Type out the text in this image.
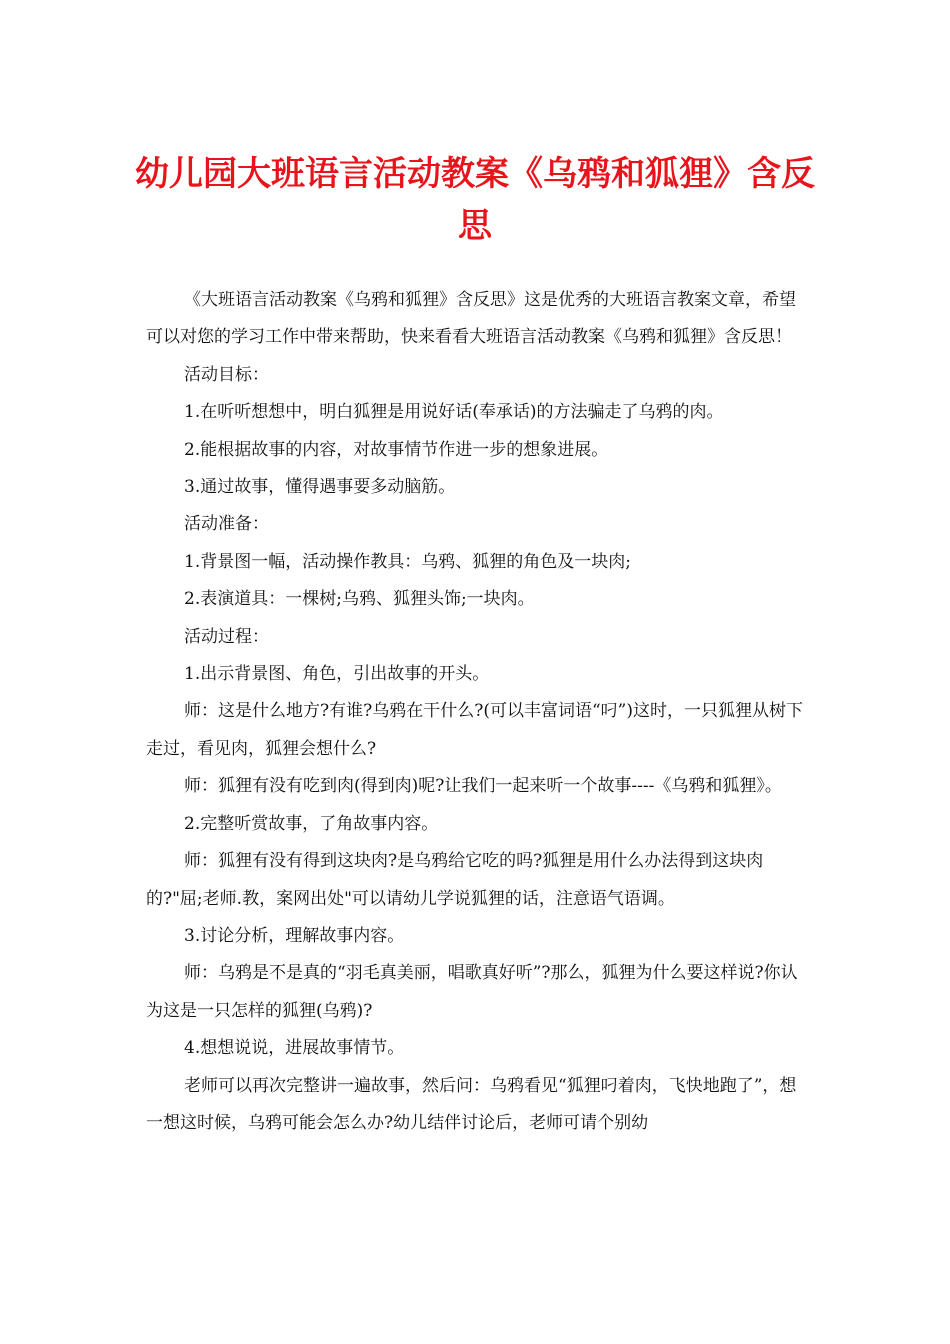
幼儿园大班语言活动教案《乌鸦和狐狸》含反思

《大班语言活动教案《乌鸦和狐狸》含反思》这是优秀的大班语言教案文章，希望可以对您的学习工作中带来帮助，快来看看大班语言活动教案《乌鸦和狐狸》含反思！

活动目标：

1.在听听想想中，明白狐狸是用说好话(奉承话)的方法骗走了乌鸦的肉。

2.能根据故事的内容，对故事情节作进一步的想象进展。

3.通过故事，懂得遇事要多动脑筋。

活动准备：

1.背景图一幅，活动操作教具：乌鸦、狐狸的角色及一块肉;

2.表演道具：一棵树;乌鸦、狐狸头饰;一块肉。

活动过程：

1.出示背景图、角色，引出故事的开头。

师：这是什么地方?有谁?乌鸦在干什么?(可以丰富词语“叼”)这时，一只狐狸从树下走过，看见肉，狐狸会想什么?

师：狐狸有没有吃到肉(得到肉)呢?让我们一起来听一个故事----《乌鸦和狐狸》。

2.完整听赏故事，了角故事内容。

师：狐狸有没有得到这块肉?是乌鸦给它吃的吗?狐狸是用什么办法得到这块肉的?"屈;老师.教，案网出处"可以请幼儿学说狐狸的话，注意语气语调。

3.讨论分析，理解故事内容。

师：乌鸦是不是真的“羽毛真美丽，唱歌真好听”?那么，狐狸为什么要这样说?你认为这是一只怎样的狐狸(乌鸦)?

4.想想说说，进展故事情节。

老师可以再次完整讲一遍故事，然后问：乌鸦看见“狐狸叼着肉，飞快地跑了”，想一想这时候，乌鸦可能会怎么办?幼儿结伴讨论后，老师可请个别幼
